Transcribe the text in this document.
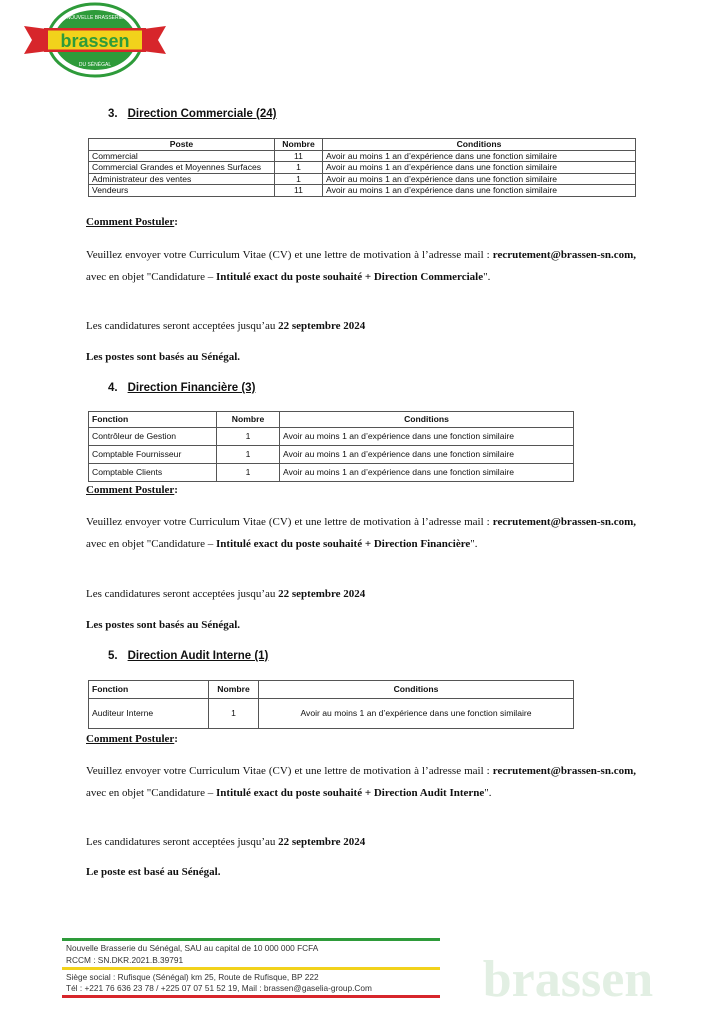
brassen
NOUVELLE BRASSERIE
DU SÉNÉGAL
3. Direction Commerciale (24)
Poste	Nombre	Conditions
Commercial	11	Avoir au moins 1 an d’expérience dans une fonction similaire
Commercial Grandes et Moyennes Surfaces	1	Avoir au moins 1 an d’expérience dans une fonction similaire
Administrateur des ventes	1	Avoir au moins 1 an d’expérience dans une fonction similaire
Vendeurs	11	Avoir au moins 1 an d’expérience dans une fonction similaire
Comment Postuler:
Veuillez envoyer votre Curriculum Vitae (CV) et une lettre de motivation à l’adresse mail : recrutement@brassen-sn.com, avec en objet "Candidature – Intitulé exact du poste souhaité + Direction Commerciale".
Les candidatures seront acceptées jusqu’au 22 septembre 2024
Les postes sont basés au Sénégal.
4. Direction Financière (3)
Fonction	Nombre	Conditions
Contrôleur de Gestion	1	Avoir au moins 1 an d’expérience dans une fonction similaire
Comptable Fournisseur	1	Avoir au moins 1 an d’expérience dans une fonction similaire
Comptable Clients	1	Avoir au moins 1 an d’expérience dans une fonction similaire
Comment Postuler:
Veuillez envoyer votre Curriculum Vitae (CV) et une lettre de motivation à l’adresse mail : recrutement@brassen-sn.com, avec en objet "Candidature – Intitulé exact du poste souhaité + Direction Financière".
Les candidatures seront acceptées jusqu’au 22 septembre 2024
Les postes sont basés au Sénégal.
5. Direction Audit Interne (1)
Fonction	Nombre	Conditions
Auditeur Interne	1	Avoir au moins 1 an d’expérience dans une fonction similaire
Comment Postuler:
Veuillez envoyer votre Curriculum Vitae (CV) et une lettre de motivation à l’adresse mail : recrutement@brassen-sn.com, avec en objet "Candidature – Intitulé exact du poste souhaité + Direction Audit Interne".
Les candidatures seront acceptées jusqu’au 22 septembre 2024
Le poste est basé au Sénégal.
Nouvelle Brasserie du Sénégal, SAU au capital de 10 000 000 FCFA
RCCM : SN.DKR.2021.B.39791
Siège social : Rufisque (Sénégal) km 25, Route de Rufisque, BP 222
Tél : +221 76 636 23 78 / +225 07 07 51 52 19, Mail : brassen@gaselia-group.Com brassen
